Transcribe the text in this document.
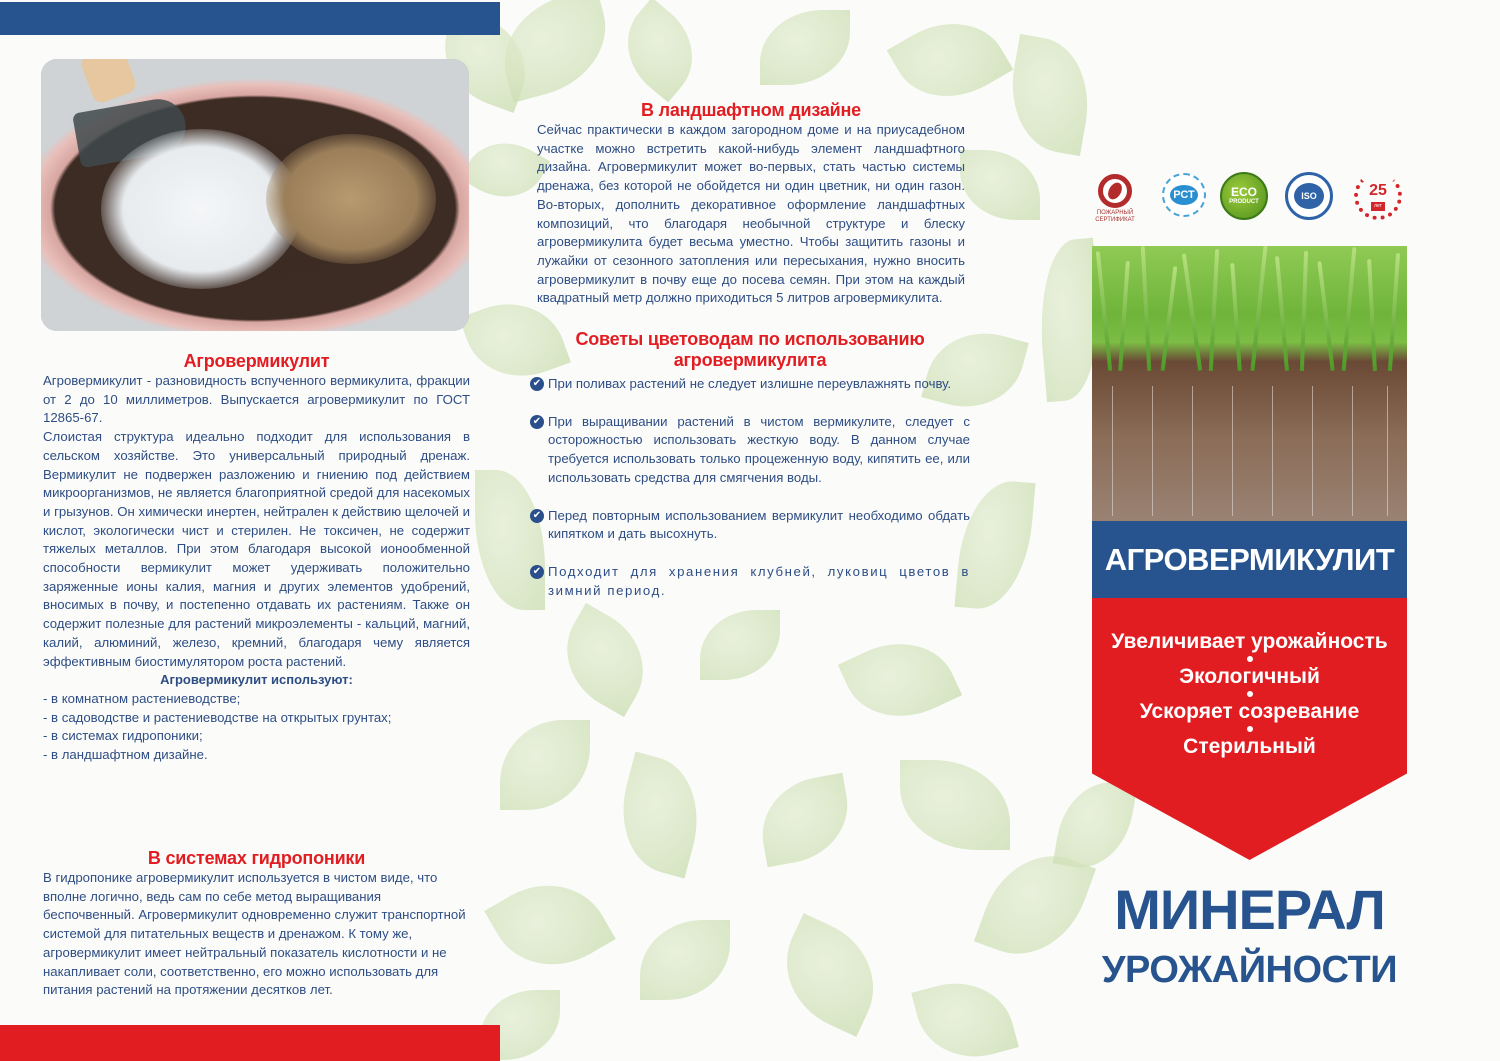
Агровермикулит

Агровермикулит - разновидность вспученного вермикулита, фракции от 2 до 10 миллиметров. Выпускается агровермикулит по ГОСТ 12865-67.

Слоистая структура идеально подходит для использования в сельском хозяйстве. Это универсальный природный дренаж. Вермикулит не подвержен разложению и гниению под действием микроорганизмов, не является благоприятной средой для насекомых и грызунов. Он химически инертен, нейтрален к действию щелочей и кислот, экологически чист и стерилен. Не токсичен, не содержит тяжелых металлов. При этом благодаря высокой ионообменной способности вермикулит может удерживать положительно заряженные ионы калия, магния и других элементов удобрений, вносимых в почву, и постепенно отдавать их растениям. Также он содержит полезные для растений микроэлементы - кальций, магний, калий, алюминий, железо, кремний, благодаря чему является эффективным биостимулятором роста растений.

Агровермикулит используют:
- в комнатном растениеводстве;
- в садоводстве и растениеводстве на открытых грунтах;
- в системах гидропоники;
- в ландшафтном дизайне.
В системах гидропоники

В гидропонике агровермикулит используется в чистом виде, что вполне логично, ведь сам по себе метод выращивания беспочвенный. Агровермикулит одновременно служит транспортной системой для питательных веществ и дренажом. К тому же, агровермикулит имеет нейтральный показатель кислотности и не накапливает соли, соответственно, его можно использовать для питания растений на протяжении десятков лет.

В ландшафтном дизайне

Сейчас практически в каждом загородном доме и на приусадебном участке можно встретить какой-нибудь элемент ландшафтного дизайна. Агровермикулит может во-первых, стать частью системы дренажа, без которой не обойдется ни один цветник, ни один газон. Во-вторых, дополнить декоративное оформление ландшафтных композиций, что благодаря необычной структуре и блеску агровермикулита будет весьма уместно. Чтобы защитить газоны и лужайки от сезонного затопления или пересыхания, нужно вносить агровермикулит в почву еще до посева семян. При этом на каждый квадратный метр должно приходиться 5 литров агровермикулита.

Советы цветоводам по использованию
агровермикулита
✔ При поливах растений не следует излишне переувлажнять почву.
✔ При выращивании растений в чистом вермикулите, следует с осторожностью использовать жесткую воду. В данном случае требуется использовать только процеженную воду, кипятить ее, или использовать средства для смягчения воды.
✔ Перед повторным использованием вермикулит необходимо обдать кипятком и дать высохнуть.
✔ Подходит для хранения клубней, луковиц цветов в зимний период.
ПОЖАРНЫЙ
СЕРТИФИКАТ
РСТ	ECO
PRODUCT
ISO	25
лет
АГРОВЕРМИКУЛИТ
Увеличивает урожайность
Экологичный
Ускоряет созревание
Стерильный
МИНЕРАЛ
УРОЖАЙНОСТИ
